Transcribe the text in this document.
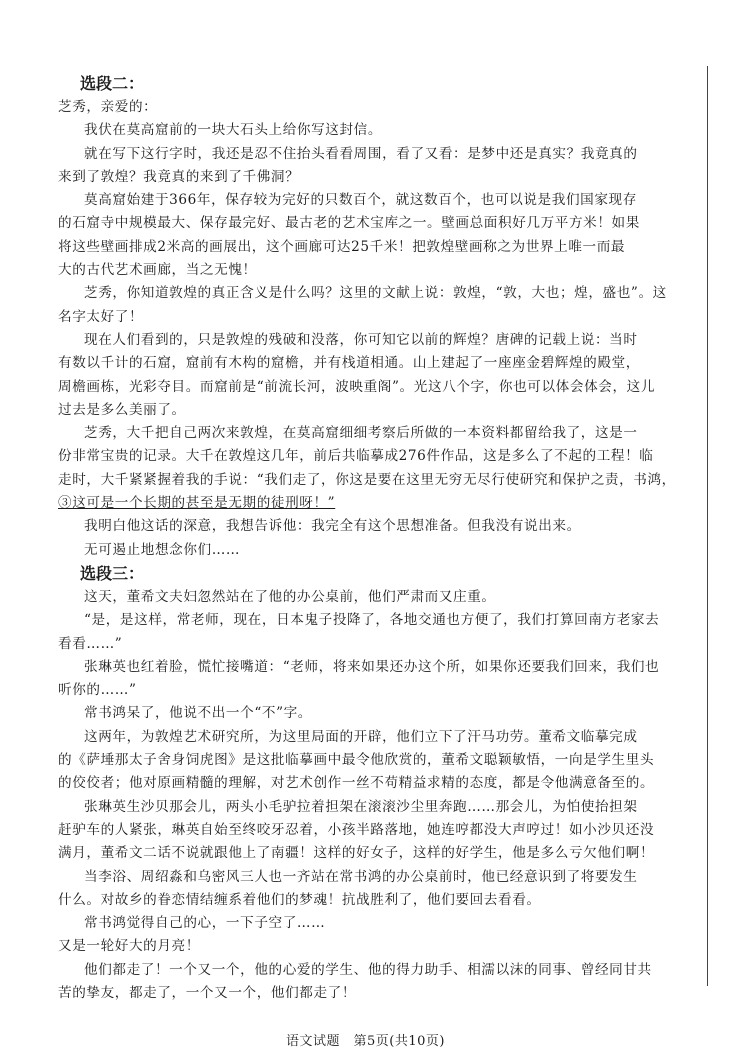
选段二：
芝秀，亲爱的：
我伏在莫高窟前的一块大石头上给你写这封信。
就在写下这行字时，我还是忍不住抬头看看周围，看了又看：是梦中还是真实？我竟真的
来到了敦煌？我竟真的来到了千佛洞？
莫高窟始建于366年，保存较为完好的只数百个，就这数百个，也可以说是我们国家现存
的石窟寺中规模最大、保存最完好、最古老的艺术宝库之一。壁画总面积好几万平方米！如果
将这些壁画排成2米高的画展出，这个画廊可达25千米！把敦煌壁画称之为世界上唯一而最
大的古代艺术画廊，当之无愧！
芝秀，你知道敦煌的真正含义是什么吗？这里的文献上说：敦煌，“敦，大也；煌，盛也”。这
名字太好了！
现在人们看到的，只是敦煌的残破和没落，你可知它以前的辉煌？唐碑的记载上说：当时
有数以千计的石窟，窟前有木构的窟檐，并有栈道相通。山上建起了一座座金碧辉煌的殿堂，
周檐画栋，光彩夺目。而窟前是“前流长河，波映重阁”。光这八个字，你也可以体会体会，这儿
过去是多么美丽了。
芝秀，大千把自己两次来敦煌，在莫高窟细细考察后所做的一本资料都留给我了，这是一
份非常宝贵的记录。大千在敦煌这几年，前后共临摹成276件作品，这是多么了不起的工程！临
走时，大千紧紧握着我的手说：“我们走了，你这是要在这里无穷无尽行使研究和保护之责，书鸿，
③这可是一个长期的甚至是无期的徒刑呀！”
我明白他这话的深意，我想告诉他：我完全有这个思想准备。但我没有说出来。
无可遏止地想念你们……
选段三：
这天，董希文夫妇忽然站在了他的办公桌前，他们严肃而又庄重。
“是，是这样，常老师，现在，日本鬼子投降了，各地交通也方便了，我们打算回南方老家去
看看……”
张琳英也红着脸，慌忙接嘴道：“老师，将来如果还办这个所，如果你还要我们回来，我们也
听你的……”
常书鸿呆了，他说不出一个“不”字。
这两年，为敦煌艺术研究所，为这里局面的开辟，他们立下了汗马功劳。董希文临摹完成
的《萨埵那太子舍身饲虎图》是这批临摹画中最令他欣赏的，董希文聪颖敏悟，一向是学生里头
的佼佼者；他对原画精髓的理解，对艺术创作一丝不苟精益求精的态度，都是令他满意备至的。
张琳英生沙贝那会儿，两头小毛驴拉着担架在滚滚沙尘里奔跑……那会儿，为怕使抬担架
赶驴车的人紧张，琳英自始至终咬牙忍着，小孩半路落地，她连哼都没大声哼过！如小沙贝还没
满月，董希文二话不说就跟他上了南疆！这样的好女子，这样的好学生，他是多么亏欠他们啊！
当李浴、周绍淼和乌密风三人也一齐站在常书鸿的办公桌前时，他已经意识到了将要发生
什么。对故乡的眷恋情结缠系着他们的梦魂！抗战胜利了，他们要回去看看。
常书鸿觉得自己的心，一下子空了……
又是一轮好大的月亮！
他们都走了！一个又一个，他的心爱的学生、他的得力助手、相濡以沫的同事、曾经同甘共
苦的挚友，都走了，一个又一个，他们都走了！
语文试题　第5页(共10页)
